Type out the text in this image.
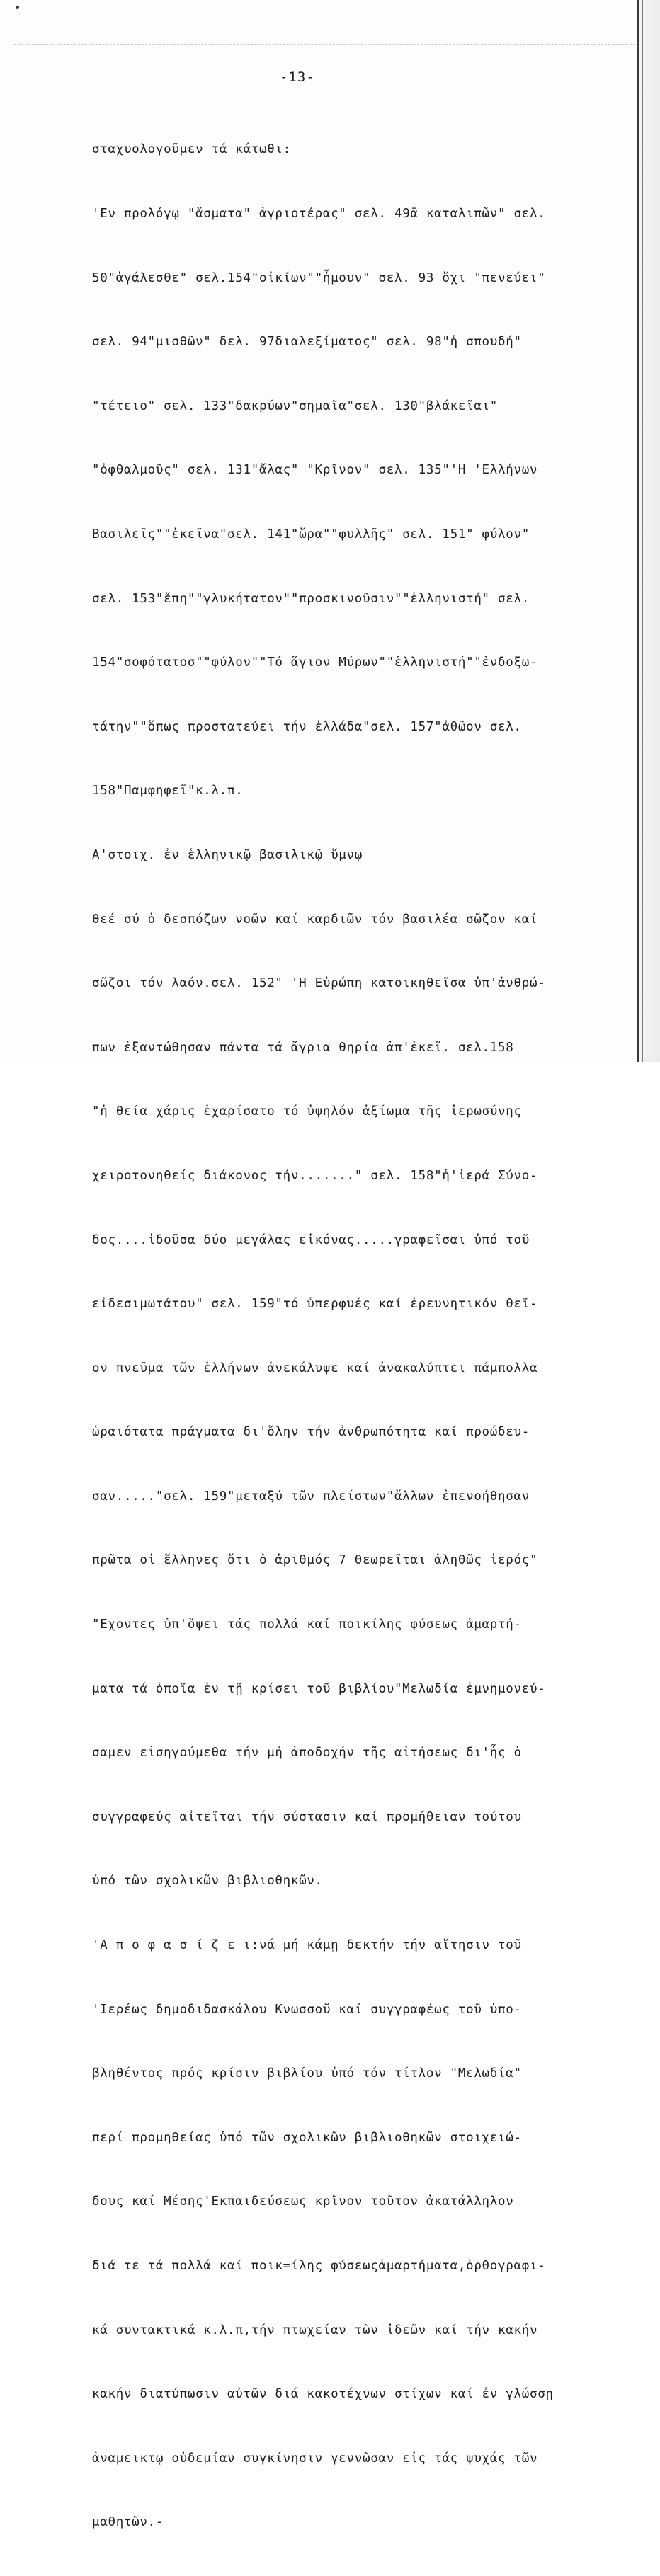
-13-

σταχυολογοῦμεν τά κάτωθι:

'Εν προλόγῳ "ἄσματα" ἀγριοτέρας" σελ. 49ᾱ καταλιπῶν" σελ.

50"ἀγάλεσθε" σελ.154"οἰκίων""ἦμουν" σελ. 93 ὄχι "πενεύει"

σελ. 94"μισθῶν" δελ. 97διαλεξίματος" σελ. 98"ἡ σπουδή"

"τέτειο" σελ. 133"δακρύων"σημαῖα"σελ. 130"βλάκεῖαι"

"ὀφθαλμοῦς" σελ. 131"ἄλας" "Κρῖνον" σελ. 135"'Η 'Ελλήνων

Βασιλεῖς""ἐκεῖνα"σελ. 141"ὥρα""φυλλῆς" σελ. 151" φύλον"

σελ. 153"ἔπη""γλυκήτατον""προσκινοῦσιν""ἑλληνιστή" σελ.

154"σοφότατοσ""φύλον""Τό ἅγιον Μύρων""ἑλληνιστή""ἐνδοξω-

τάτην""ὅπως προστατεύει τήν ἑλλάδα"σελ. 157"ἀθῶον σελ.

158"Παμφηφεῖ"κ.λ.π.

Α'στοιχ. ἐν ἑλληνικῷ βασιλικῷ ὕμνῳ

θεέ σύ ὁ δεσπόζων νοῶν καί καρδιῶν τόν βασιλέα σῶζον καί

σῶζοι τόν λαόν.σελ. 152" 'Η Εὐρώπη κατοικηθεῖσα ὑπ'ἀνθρώ-

πων ἐξαντώθησαν πάντα τά ἄγρια θηρία ἀπ'ἐκεῖ. σελ.158

"ἡ θεία χάρις ἐχαρίσατο τό ὑψηλόν ἀξίωμα τῆς ἱερωσύνης

χειροτονηθείς διάκονος τήν......." σελ. 158"ἡ'ἱερά Σύνο-

δος....ἰδοῦσα δύο μεγάλας εἰκόνας.....γραφεῖσαι ὑπό τοῦ

εἰδεσιμωτάτου" σελ. 159"τό ὑπερφυές καί ἐρευνητικόν θεῖ-

ον πνεῦμα τῶν ἑλλήνων ἀνεκάλυψε καί ἀνακαλύπτει πάμπολλα

ὡραιότατα πράγματα δι'ὅλην τήν ἀνθρωπότητα καί προώδευ-

σαν....."σελ. 159"μεταξύ τῶν πλείστων"ἄλλων ἐπενοήθησαν

πρῶτα οἱ ἕλληνες ὅτι ὁ ἀριθμός 7 θεωρεῖται ἀληθῶς ἱερός"

"Εχοντες ὑπ'ὄψει τάς πολλά καί ποικίλης φύσεως ἁμαρτή-

ματα τά ὁποῖα ἐν τῇ κρίσει τοῦ βιβλίου"Μελωδία ἐμνημονεύ-

σαμεν εἰσηγούμεθα τήν μή ἀποδοχήν τῆς αἰτήσεως δι'ἧς ὁ

συγγραφεύς αἰτεῖται τήν σύστασιν καί προμήθειαν τούτου

ὑπό τῶν σχολικῶν βιβλιοθηκῶν.

'Α π ο φ α σ ί ζ ε ι:νά μή κάμῃ δεκτήν τήν αἴτησιν τοῦ

'Ιερέως δημοδιδασκάλου Κνωσσοῦ καί συγγραφέως τοῦ ὑπο-

βληθέντος πρός κρίσιν βιβλίου ὑπό τόν τίτλον "Μελωδία"

περί προμηθείας ὑπό τῶν σχολικῶν βιβλιοθηκῶν στοιχειώ-

δους καί Μέσης'Εκπαιδεύσεως κρῖνον τοῦτον ἀκατάλληλον

διά τε τά πολλά καί ποικ=ίλης φύσεωςἁμαρτήματα,ὀρθογραφι-

κά συντακτικά κ.λ.π,τήν πτωχείαν τῶν ἰδεῶν καί τήν κακήν

κακήν διατύπωσιν αὐτῶν διά κακοτέχνων στίχων καί ἐν γλώσσῃ

ἀναμεικτῳ οὐδεμίαν συγκίνησιν γεννῶσαν εἰς τάς ψυχάς τῶν

μαθητῶν.-
